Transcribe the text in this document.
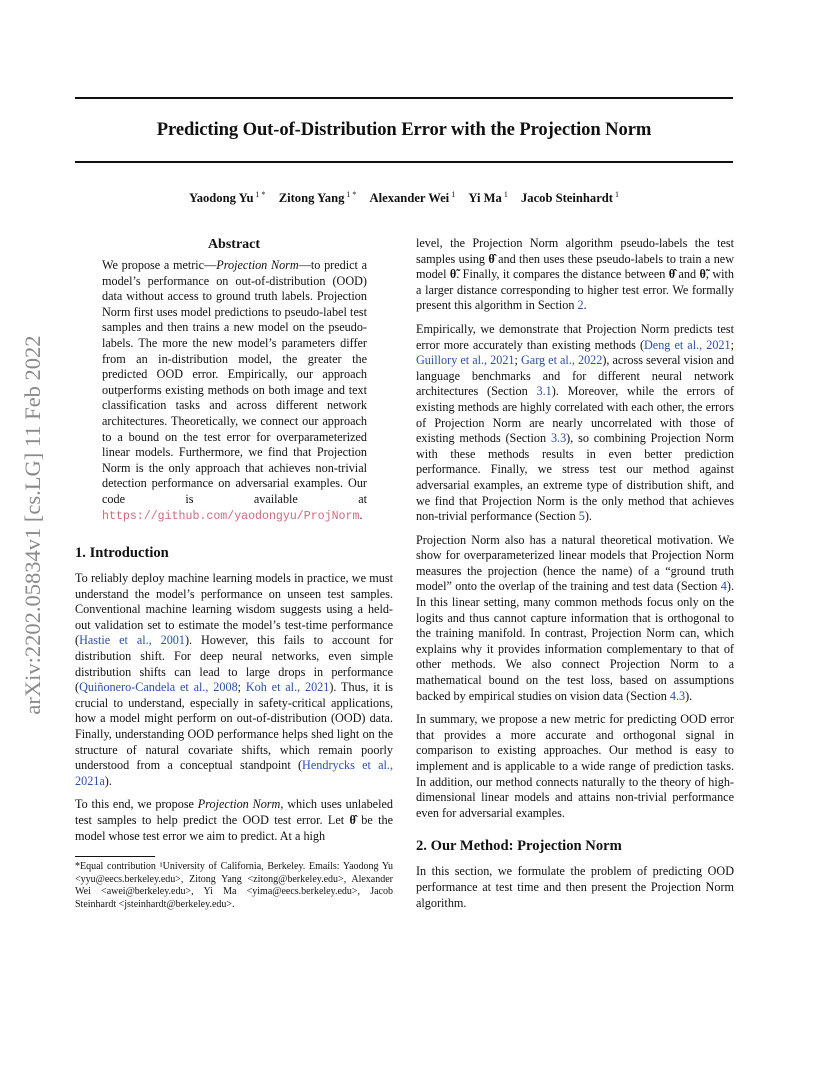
Predicting Out-of-Distribution Error with the Projection Norm
Yaodong Yu $^{1 *}$ Zitong Yang $^{1 *}$ Alexander Wei $^1$ Yi Ma $^1$ Jacob Steinhardt $^1$
arXiv:2202.05834v1 [cs.LG] 11 Feb 2022
Abstract

We propose a metric—Projection Norm—to predict a model’s performance on out-of-distribution (OOD) data without access to ground truth labels. Projection Norm first uses model predictions to pseudo-label test samples and then trains a new model on the pseudo-labels. The more the new model’s parameters differ from an in-distribution model, the greater the predicted OOD error. Empirically, our approach outperforms existing methods on both image and text classification tasks and across different network architectures. Theoretically, we connect our approach to a bound on the test error for overparameterized linear models. Furthermore, we find that Projection Norm is the only approach that achieves non-trivial detection performance on adversarial examples. Our code is available at https://github.com/yaodongyu/ProjNorm.

1. Introduction

To reliably deploy machine learning models in practice, we must understand the model’s performance on unseen test samples. Conventional machine learning wisdom suggests using a held-out validation set to estimate the model’s test-time performance (Hastie et al., 2001). However, this fails to account for distribution shift. For deep neural networks, even simple distribution shifts can lead to large drops in performance (Quiñonero-Candela et al., 2008; Koh et al., 2021). Thus, it is crucial to understand, especially in safety-critical applications, how a model might perform on out-of-distribution (OOD) data. Finally, understanding OOD performance helps shed light on the structure of natural covariate shifts, which remain poorly understood from a conceptual standpoint (Hendrycks et al., 2021a).

To this end, we propose Projection Norm, which uses unlabeled test samples to help predict the OOD test error. Let θ̂ be the model whose test error we aim to predict. At a high

*Equal contribution ¹University of California, Berkeley. Emails: Yaodong Yu <yyu@eecs.berkeley.edu>, Zitong Yang <zitong@berkeley.edu>, Alexander Wei <awei@berkeley.edu>, Yi Ma <yima@eecs.berkeley.edu>, Jacob Steinhardt <jsteinhardt@berkeley.edu>.

level, the Projection Norm algorithm pseudo-labels the test samples using θ̂ and then uses these pseudo-labels to train a new model θ̃. Finally, it compares the distance between θ̂ and θ̃, with a larger distance corresponding to higher test error. We formally present this algorithm in Section 2.

Empirically, we demonstrate that Projection Norm predicts test error more accurately than existing methods (Deng et al., 2021; Guillory et al., 2021; Garg et al., 2022), across several vision and language benchmarks and for different neural network architectures (Section 3.1). Moreover, while the errors of existing methods are highly correlated with each other, the errors of Projection Norm are nearly uncorrelated with those of existing methods (Section 3.3), so combining Projection Norm with these methods results in even better prediction performance. Finally, we stress test our method against adversarial examples, an extreme type of distribution shift, and we find that Projection Norm is the only method that achieves non-trivial performance (Section 5).

Projection Norm also has a natural theoretical motivation. We show for overparameterized linear models that Projection Norm measures the projection (hence the name) of a “ground truth model” onto the overlap of the training and test data (Section 4). In this linear setting, many common methods focus only on the logits and thus cannot capture information that is orthogonal to the training manifold. In contrast, Projection Norm can, which explains why it provides information complementary to that of other methods. We also connect Projection Norm to a mathematical bound on the test loss, based on assumptions backed by empirical studies on vision data (Section 4.3).

In summary, we propose a new metric for predicting OOD error that provides a more accurate and orthogonal signal in comparison to existing approaches. Our method is easy to implement and is applicable to a wide range of prediction tasks. In addition, our method connects naturally to the theory of high-dimensional linear models and attains non-trivial performance even for adversarial examples.

2. Our Method: Projection Norm

In this section, we formulate the problem of predicting OOD performance at test time and then present the Projection Norm algorithm.
